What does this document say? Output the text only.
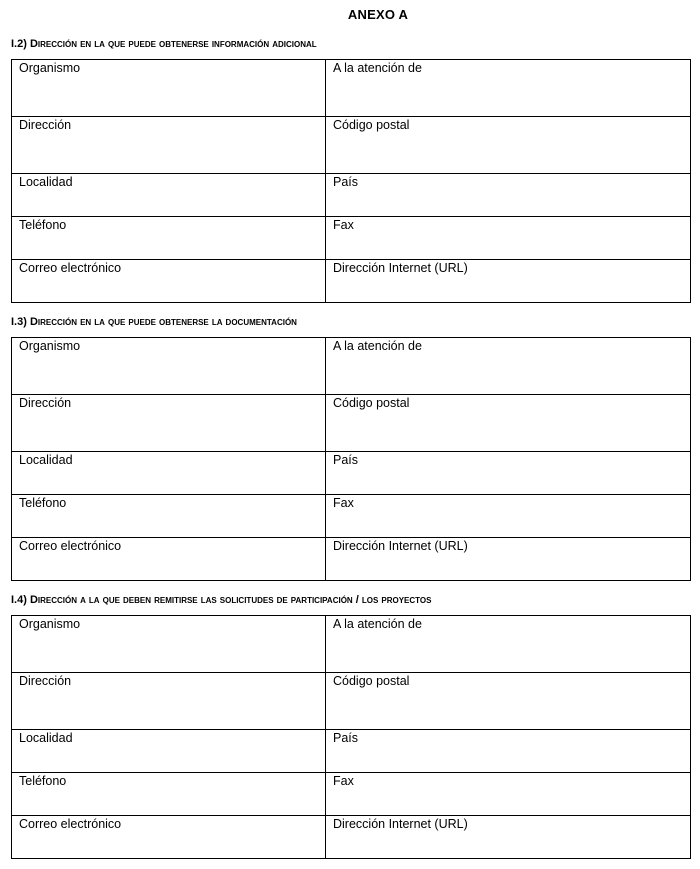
ANEXO A
I.2) Dirección en la que puede obtenerse información adicional
Organismo	A la atención de
Dirección	Código postal
Localidad	País
Teléfono	Fax
Correo electrónico	Dirección Internet (URL)
I.3) Dirección en la que puede obtenerse la documentación
Organismo	A la atención de
Dirección	Código postal
Localidad	País
Teléfono	Fax
Correo electrónico	Dirección Internet (URL)
I.4) Dirección a la que deben remitirse las solicitudes de participación / los proyectos
Organismo	A la atención de
Dirección	Código postal
Localidad	País
Teléfono	Fax
Correo electrónico	Dirección Internet (URL)
